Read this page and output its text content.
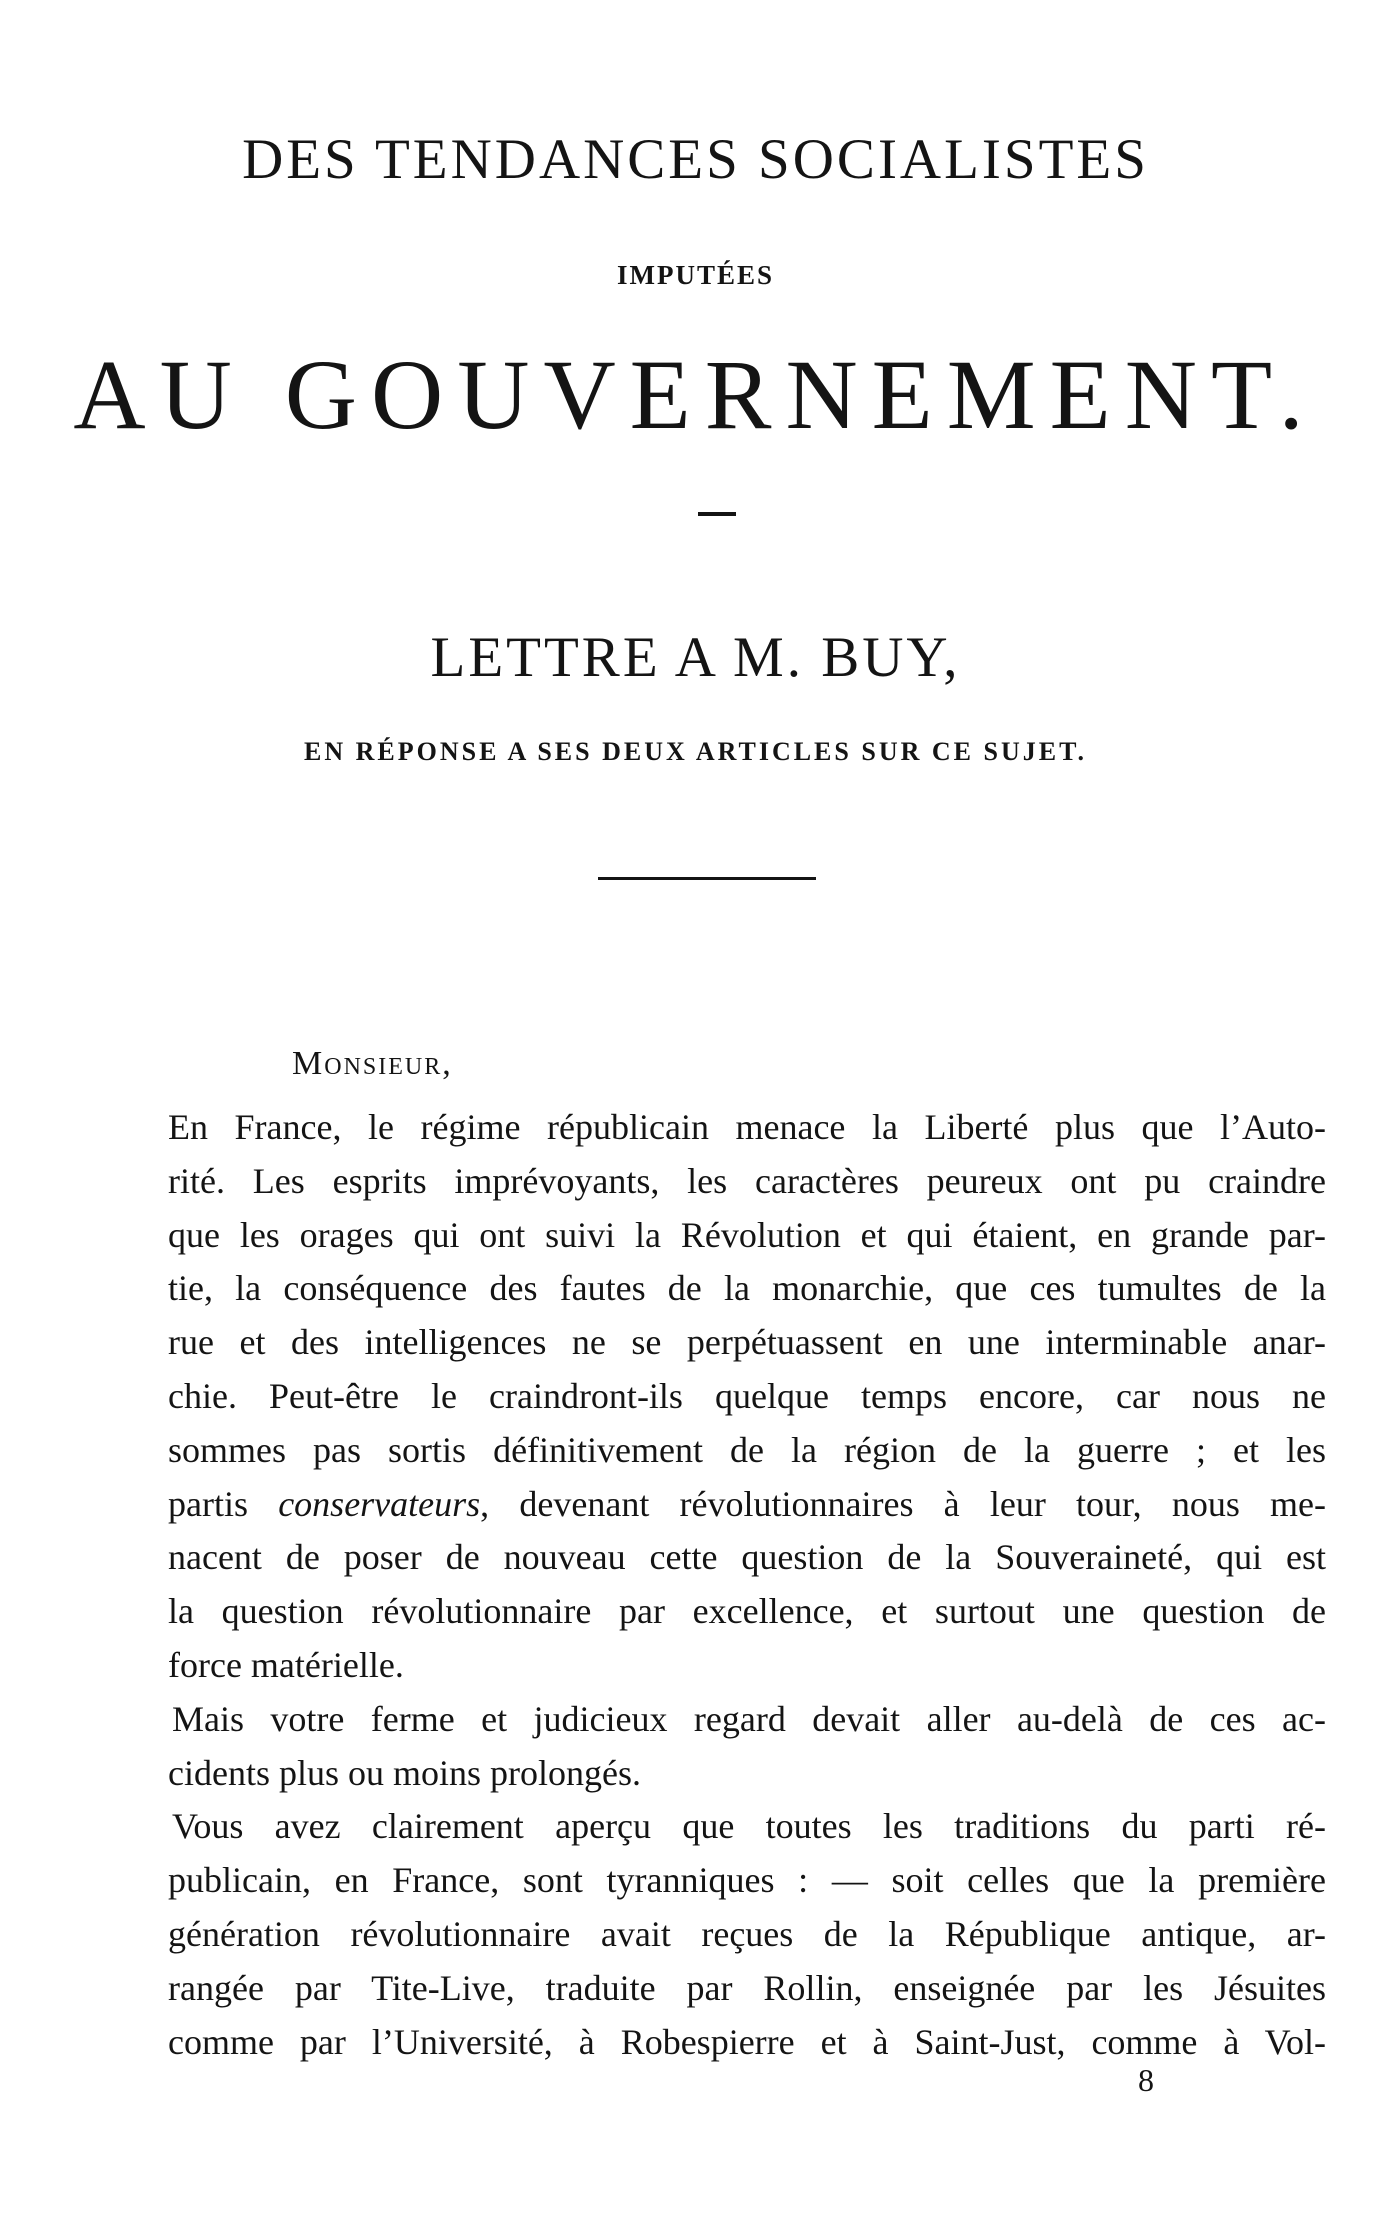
DES TENDANCES SOCIALISTES
IMPUTÉES
AU GOUVERNEMENT.
LETTRE A M. BUY,
EN RÉPONSE A SES DEUX ARTICLES SUR CE SUJET.
Monsieur,
En France, le régime républicain menace la Liberté plus que l’Auto-
rité. Les esprits imprévoyants, les caractères peureux ont pu craindre
que les orages qui ont suivi la Révolution et qui étaient, en grande par-
tie, la conséquence des fautes de la monarchie, que ces tumultes de la
rue et des intelligences ne se perpétuassent en une interminable anar-
chie. Peut-être le craindront-ils quelque temps encore, car nous ne
sommes pas sortis définitivement de la région de la guerre ; et les
partis conservateurs, devenant révolutionnaires à leur tour, nous me-
nacent de poser de nouveau cette question de la Souveraineté, qui est
la question révolutionnaire par excellence, et surtout une question de
force matérielle.
Mais votre ferme et judicieux regard devait aller au-delà de ces ac-
cidents plus ou moins prolongés.
Vous avez clairement aperçu que toutes les traditions du parti ré-
publicain, en France, sont tyranniques : — soit celles que la première
génération révolutionnaire avait reçues de la République antique, ar-
rangée par Tite-Live, traduite par Rollin, enseignée par les Jésuites
comme par l’Université, à Robespierre et à Saint-Just, comme à Vol-
8
